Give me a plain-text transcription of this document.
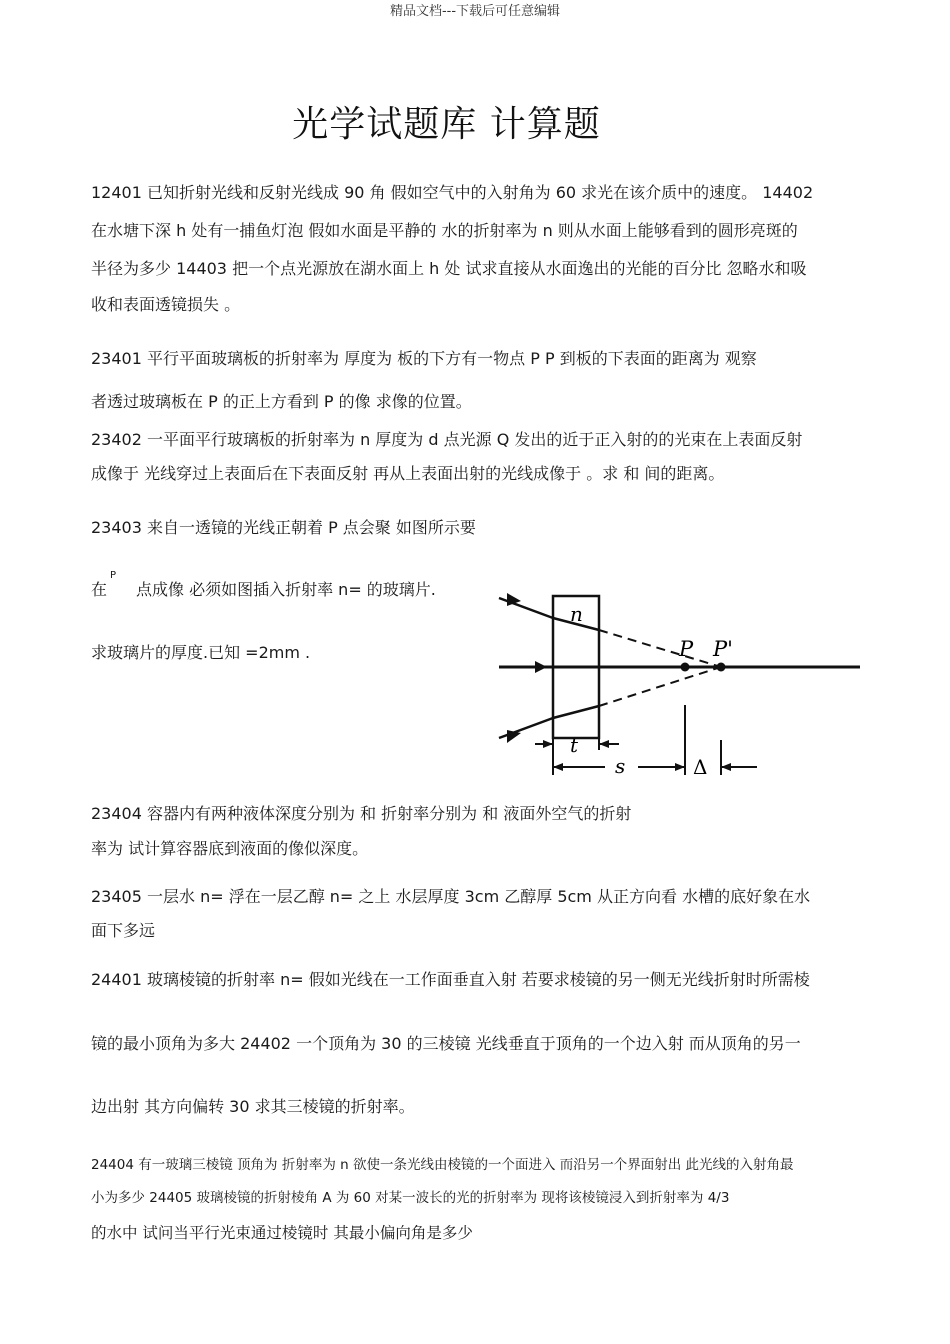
精品文档---下载后可任意编辑
光学试题库 计算题
12401 已知折射光线和反射光线成 90 角 假如空气中的入射角为 60 求光在该介质中的速度。 14402
在水塘下深 h 处有一捕鱼灯泡 假如水面是平静的 水的折射率为 n 则从水面上能够看到的圆形亮斑的
半径为多少 14403 把一个点光源放在湖水面上 h 处 试求直接从水面逸出的光能的百分比 忽略水和吸
收和表面透镜损失 。
23401 平行平面玻璃板的折射率为 厚度为 板的下方有一物点 P P 到板的下表面的距离为 观察
者透过玻璃板在 P 的正上方看到 P 的像 求像的位置。
23402 一平面平行玻璃板的折射率为 n 厚度为 d 点光源 Q 发出的近于正入射的的光束在上表面反射
成像于 光线穿过上表面后在下表面反射 再从上表面出射的光线成像于 。求 和 间的距离。
23403 来自一透镜的光线正朝着 P 点会聚 如图所示要
在
P
点成像 必须如图插入折射率 n= 的玻璃片.
求玻璃片的厚度.已知 =2mm .
n
P P'
t
s	Δ
23404 容器内有两种液体深度分别为 和 折射率分别为 和 液面外空气的折射
率为 试计算容器底到液面的像似深度。
23405 一层水 n= 浮在一层乙醇 n= 之上 水层厚度 3cm 乙醇厚 5cm 从正方向看 水槽的底好象在水
面下多远
24401 玻璃棱镜的折射率 n= 假如光线在一工作面垂直入射 若要求棱镜的另一侧无光线折射时所需棱
镜的最小顶角为多大 24402 一个顶角为 30 的三棱镜 光线垂直于顶角的一个边入射 而从顶角的另一
边出射 其方向偏转 30 求其三棱镜的折射率。
24404 有一玻璃三棱镜 顶角为 折射率为 n 欲使一条光线由棱镜的一个面进入 而沿另一个界面射出 此光线的入射角最
小为多少 24405 玻璃棱镜的折射棱角 A 为 60 对某一波长的光的折射率为 现将该棱镜浸入到折射率为 4/3
的水中 试问当平行光束通过棱镜时 其最小偏向角是多少
